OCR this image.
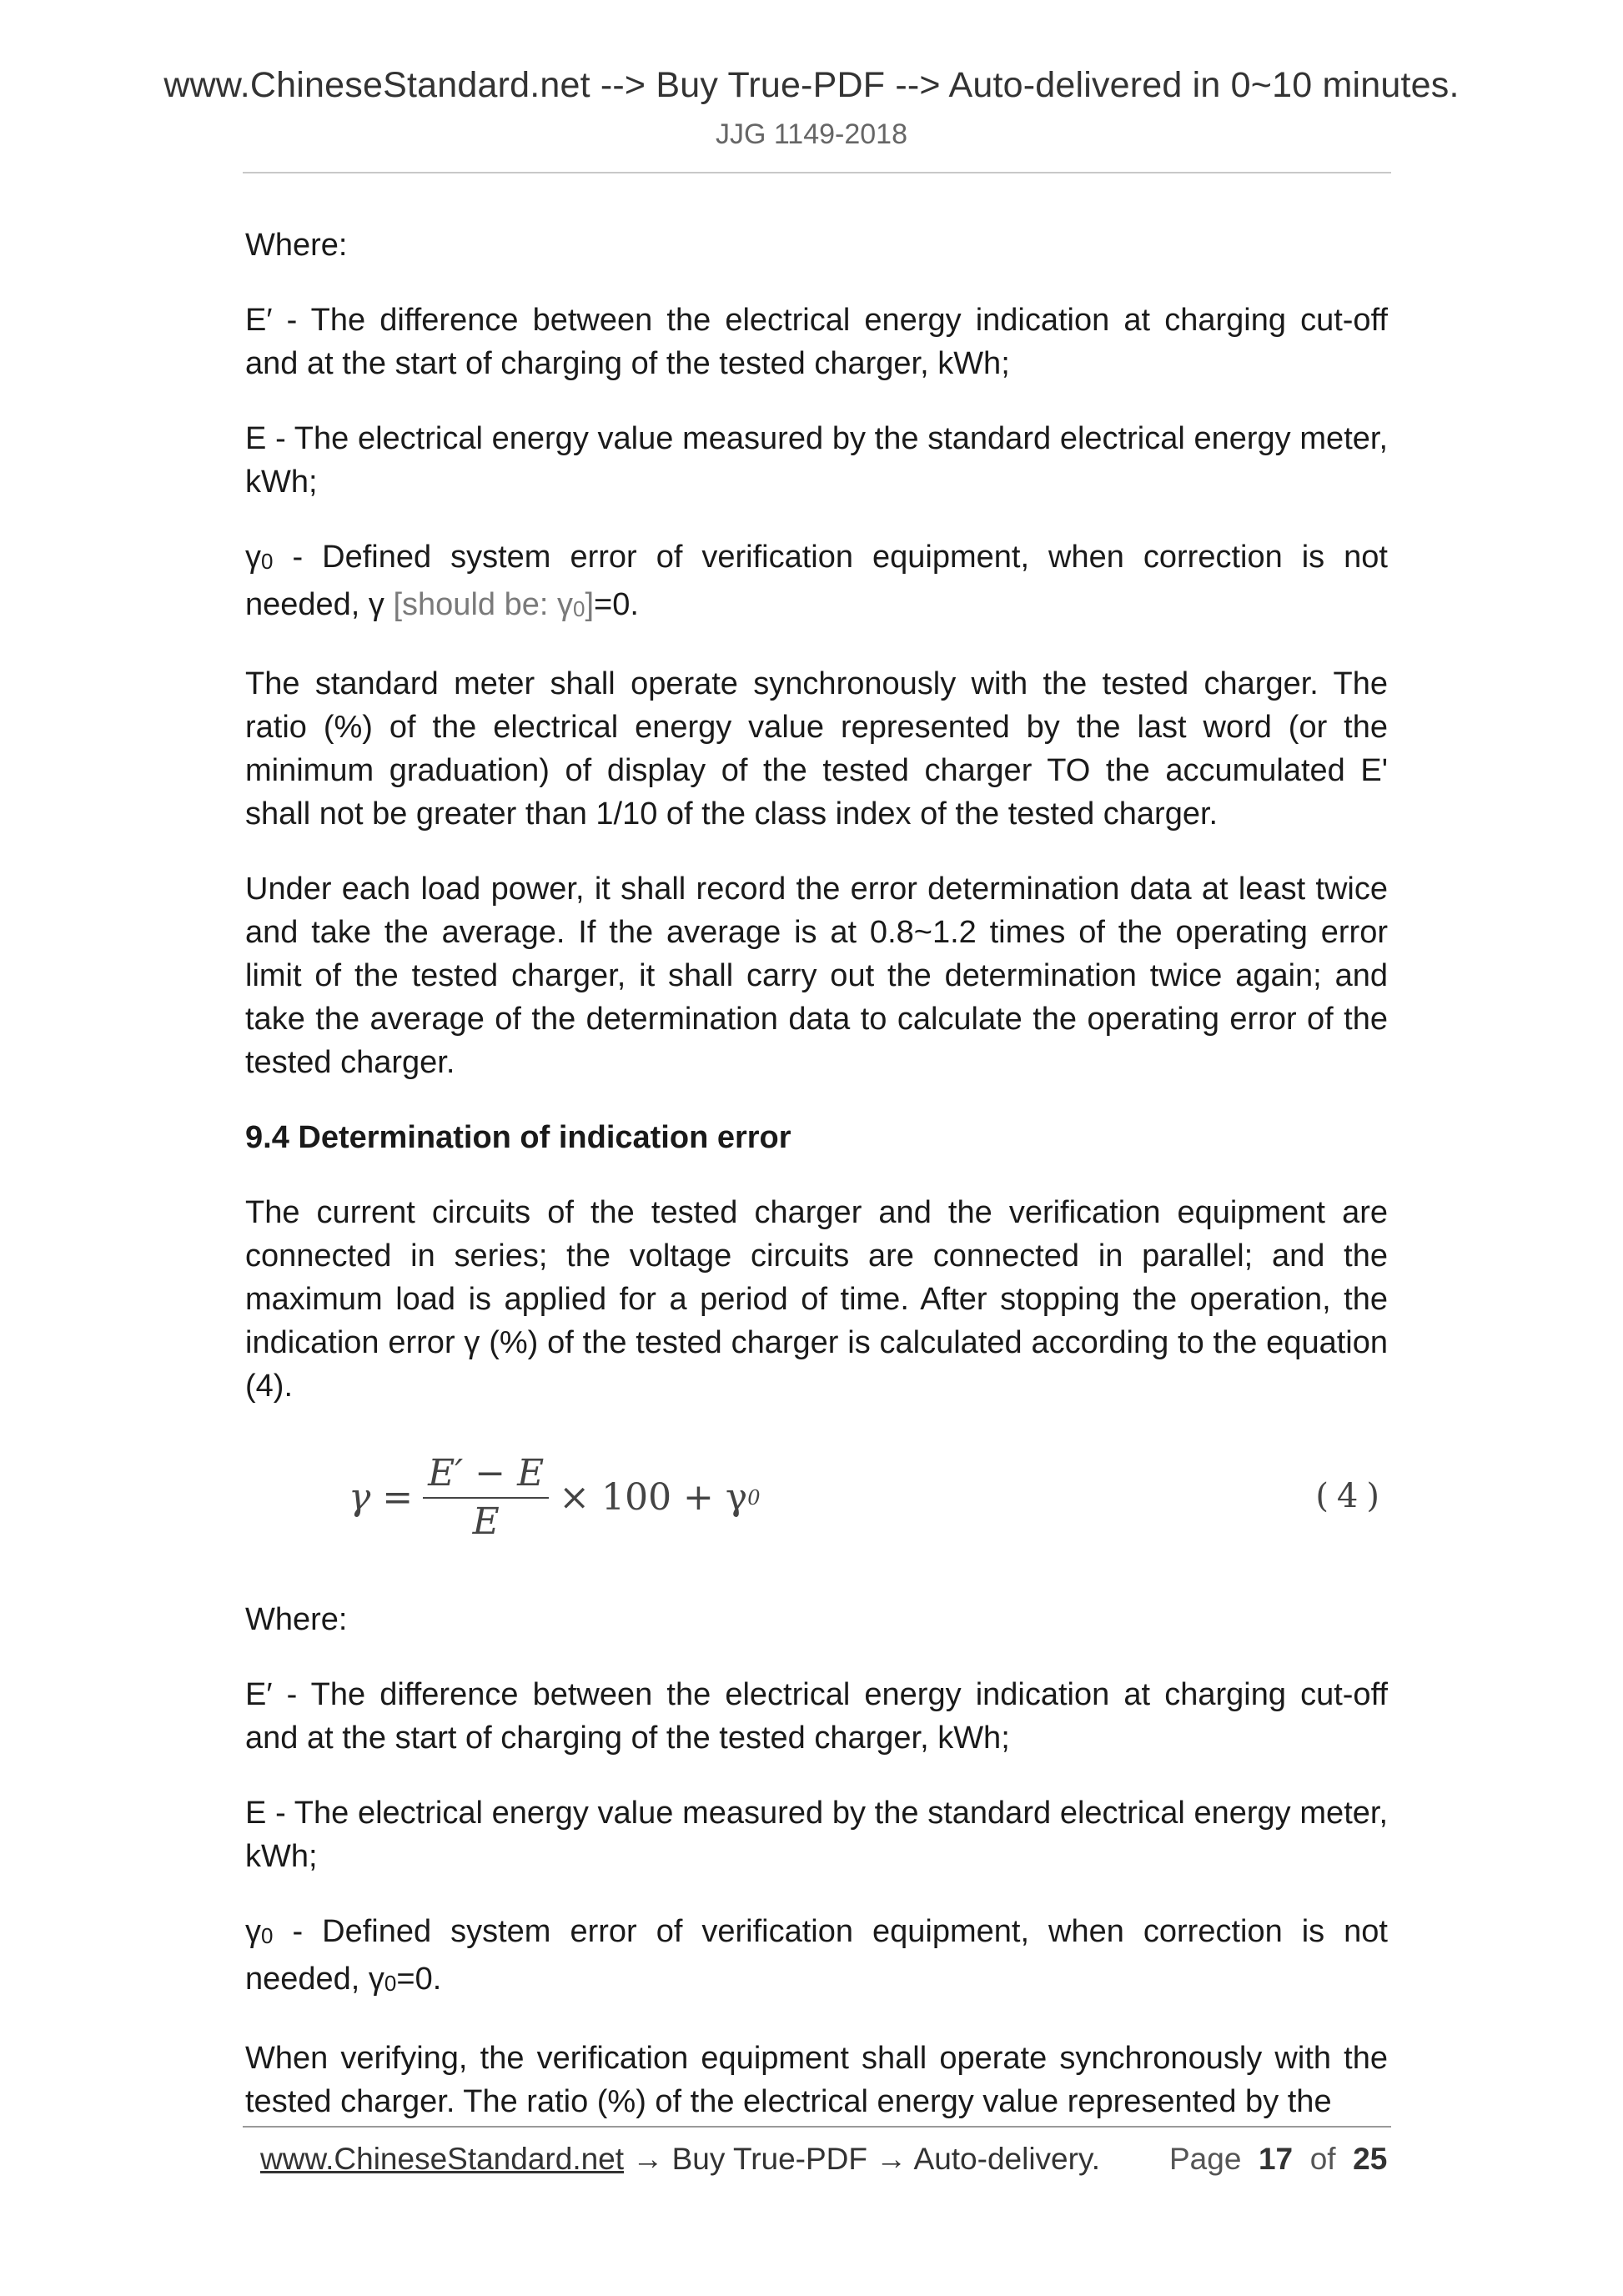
www.ChineseStandard.net --> Buy True-PDF --> Auto-delivered in 0~10 minutes.
JJG 1149-2018

Where:

E′ - The difference between the electrical energy indication at charging cut-off and at the start of charging of the tested charger, kWh;

E - The electrical energy value measured by the standard electrical energy meter, kWh;

γ0 - Defined system error of verification equipment, when correction is not needed, γ [should be: γ0]=0.

The standard meter shall operate synchronously with the tested charger. The ratio (%) of the electrical energy value represented by the last word (or the minimum graduation) of display of the tested charger TO the accumulated E' shall not be greater than 1/10 of the class index of the tested charger.

Under each load power, it shall record the error determination data at least twice and take the average. If the average is at 0.8~1.2 times of the operating error limit of the tested charger, it shall carry out the determination twice again; and take the average of the determination data to calculate the operating error of the tested charger.

9.4 Determination of indication error

The current circuits of the tested charger and the verification equipment are connected in series; the voltage circuits are connected in parallel; and the maximum load is applied for a period of time. After stopping the operation, the indication error γ (%) of the tested charger is calculated according to the equation (4).

$\gamma = \frac{E' - E}{E} \times 100 + \gamma$ 0	(4)

Where:

E′ - The difference between the electrical energy indication at charging cut-off and at the start of charging of the tested charger, kWh;

E - The electrical energy value measured by the standard electrical energy meter, kWh;

γ0 - Defined system error of verification equipment, when correction is not needed, γ0=0.

When verifying, the verification equipment shall operate synchronously with the tested charger. The ratio (%) of the electrical energy value represented by the

www.ChineseStandard.net → Buy True-PDF → Auto-delivery. Page 17 of 25
